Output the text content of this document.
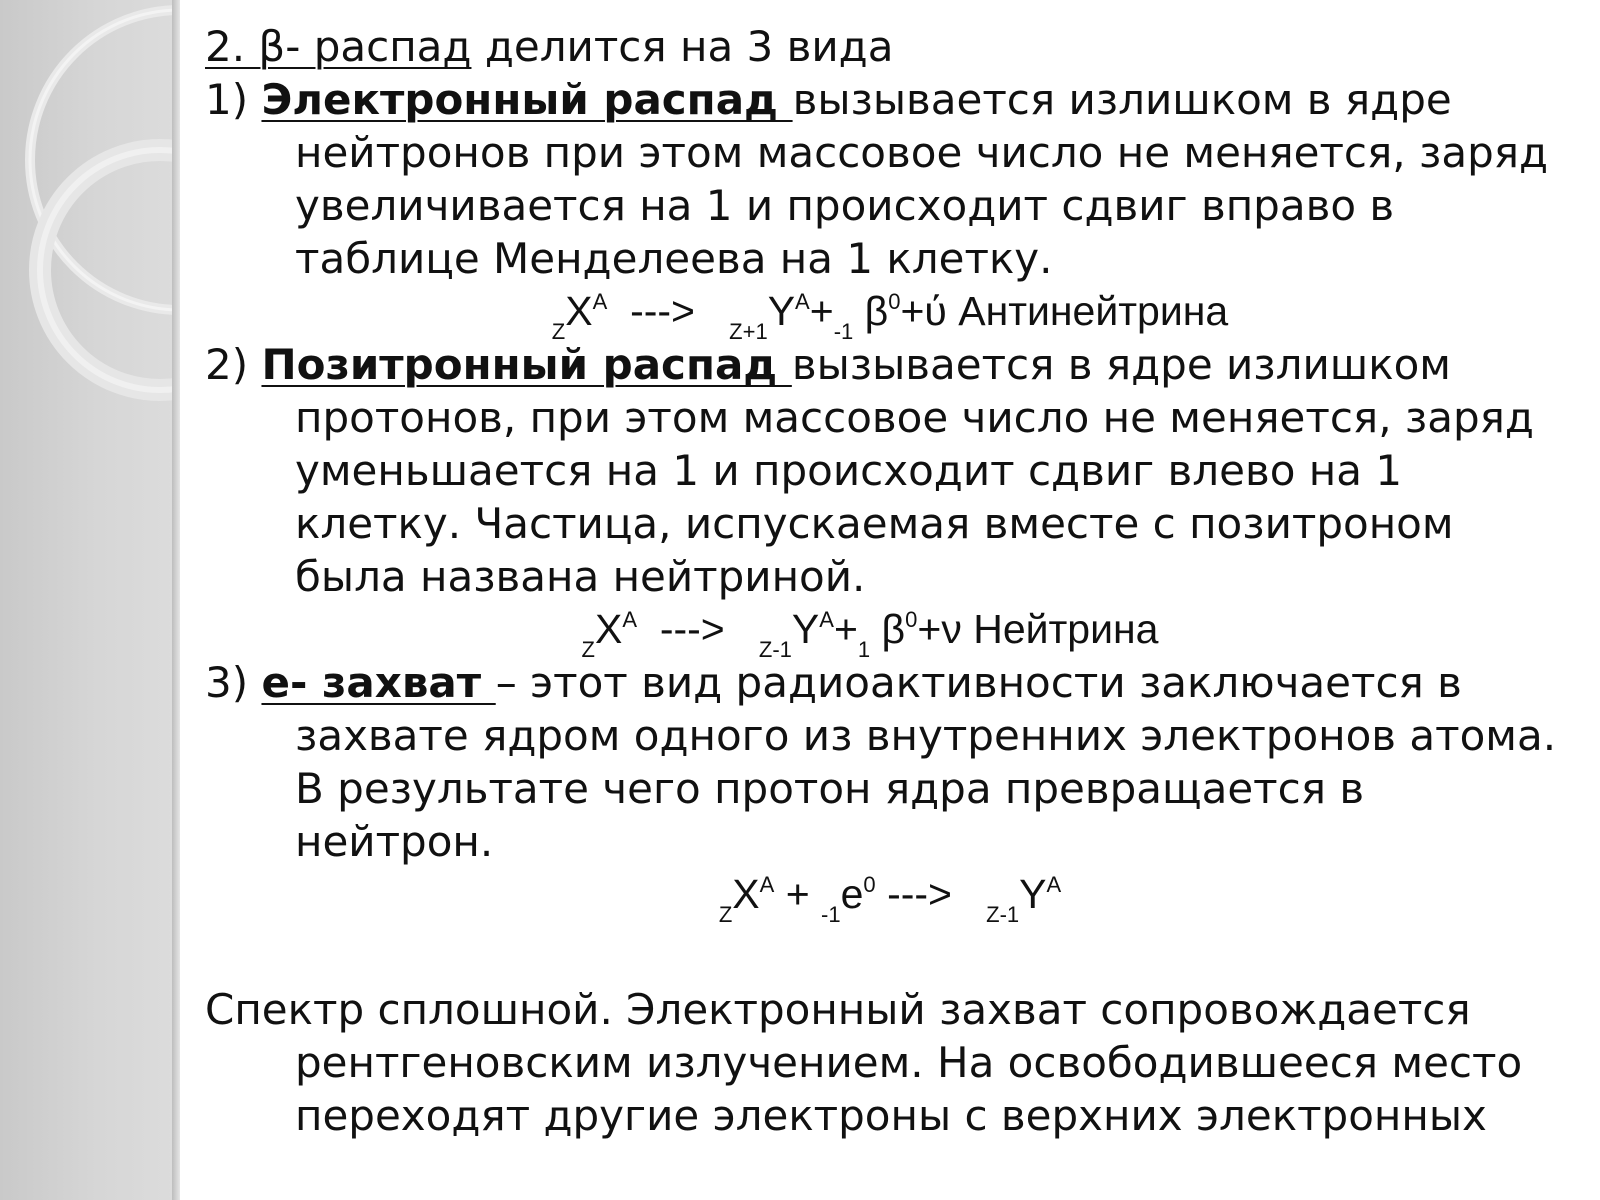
2. β- распад делится на 3 вида

1) Электронный распад вызывается излишком в ядре нейтронов при этом массовое число не меняется, заряд увеличивается на 1 и происходит сдвиг вправо в таблице Менделеева на 1 клетку.

$_ZX^A$  --->   $_{Z+1}Y^A+_{-1}$ $\beta^0+ύ$ Антинейтрина

2) Позитронный распад вызывается в ядре излишком протонов, при этом массовое число не меняется, заряд уменьшается на 1 и происходит сдвиг влево на 1 клетку. Частица, испускаемая вместе с позитроном была названа нейтриной.

$_ZX^A$  --->   $_{Z-1}Y^A+_1$ $\beta^0+\nu$ Нейтрина

3) e- захват – этот вид радиоактивности заключается в захвате ядром одного из внутренних электронов атома. В результате чего протон ядра превращается в нейтрон.

$_ZX^A + _{-1}e^0$ --->   $_{Z-1}Y^A$

Спектр сплошной. Электронный захват сопровождается рентгеновским излучением. На освободившееся место переходят другие электроны с верхних электронных
